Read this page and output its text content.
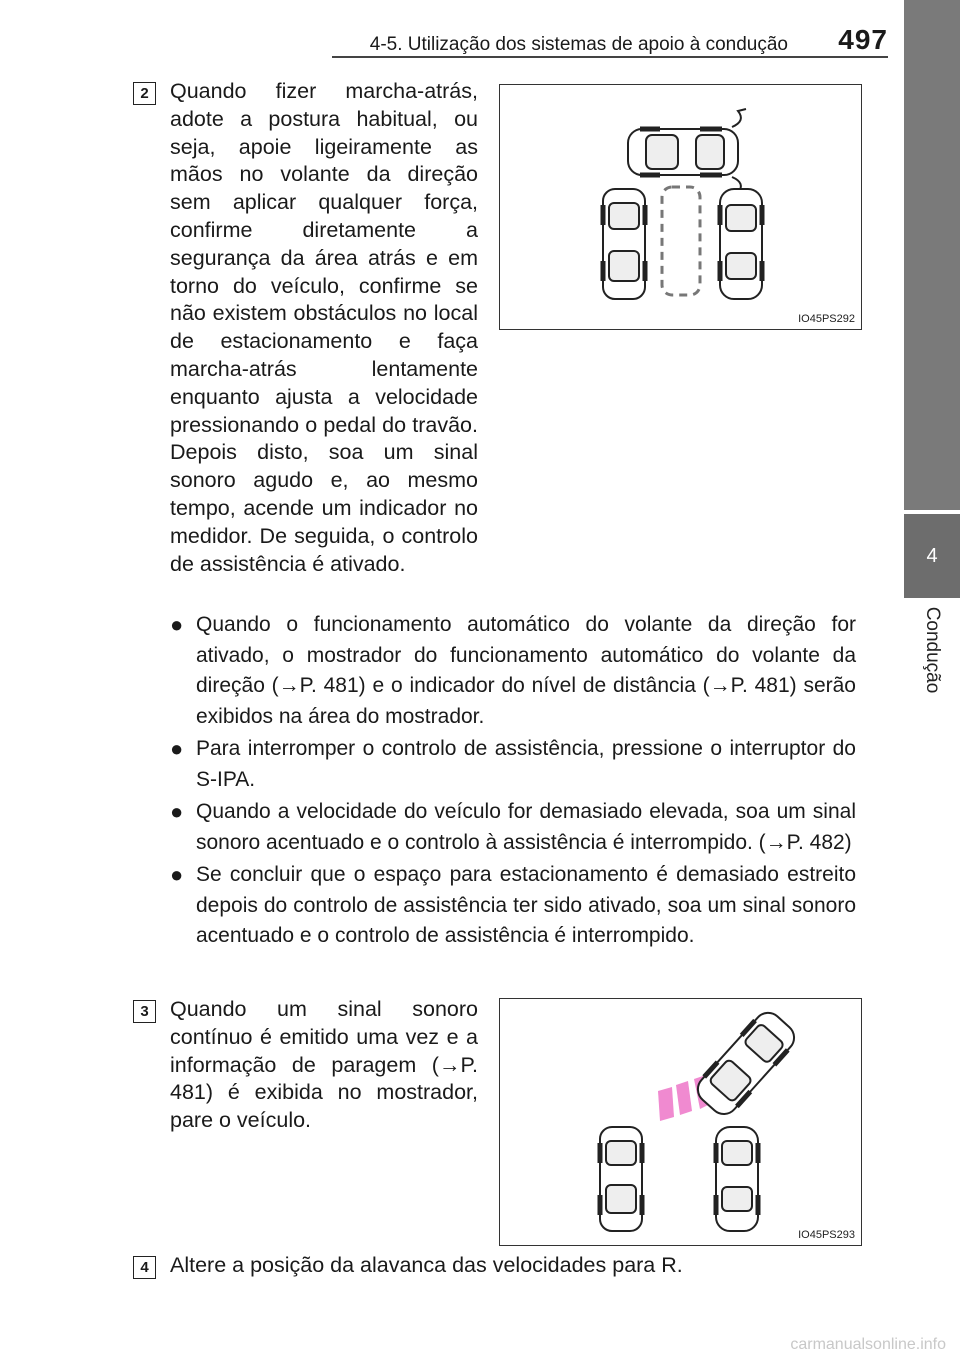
4-5. Utilização dos sistemas de apoio à condução 497
4
Condução
2 Quando fizer marcha-atrás, adote a postura habitual, ou seja, apoie ligeiramente as mãos no volante da direção sem aplicar qualquer força, confirme diretamente a segurança da área atrás e em torno do veículo, confirme se não existem obstáculos no local de estacionamento e faça marcha-atrás lentamente enquanto ajusta a velocidade pressionando o pedal do travão. Depois disto, soa um sinal sonoro agudo e, ao mesmo tempo, acende um indicador no medidor. De seguida, o controlo de assistência é ativado.
IO45PS292
● Quando o funcionamento automático do volante da direção for ativado, o mostrador do funcionamento automático do volante da direção (→P. 481) e o indicador do nível de distância (→P. 481) serão exibidos na área do mostrador.
● Para interromper o controlo de assistência, pressione o interruptor do S-IPA.
● Quando a velocidade do veículo for demasiado elevada, soa um sinal sonoro acentuado e o controlo à assistência é interrompido. (→P. 482)
● Se concluir que o espaço para estacionamento é demasiado estreito depois do controlo de assistência ter sido ativado, soa um sinal sonoro acentuado e o controlo de assistência é interrompido.
3 Quando um sinal sonoro contínuo é emitido uma vez e a informação de paragem (→P. 481) é exibida no mostrador, pare o veículo.
IO45PS293
4 Altere a posição da alavanca das velocidades para R.
carmanualsonline.info
